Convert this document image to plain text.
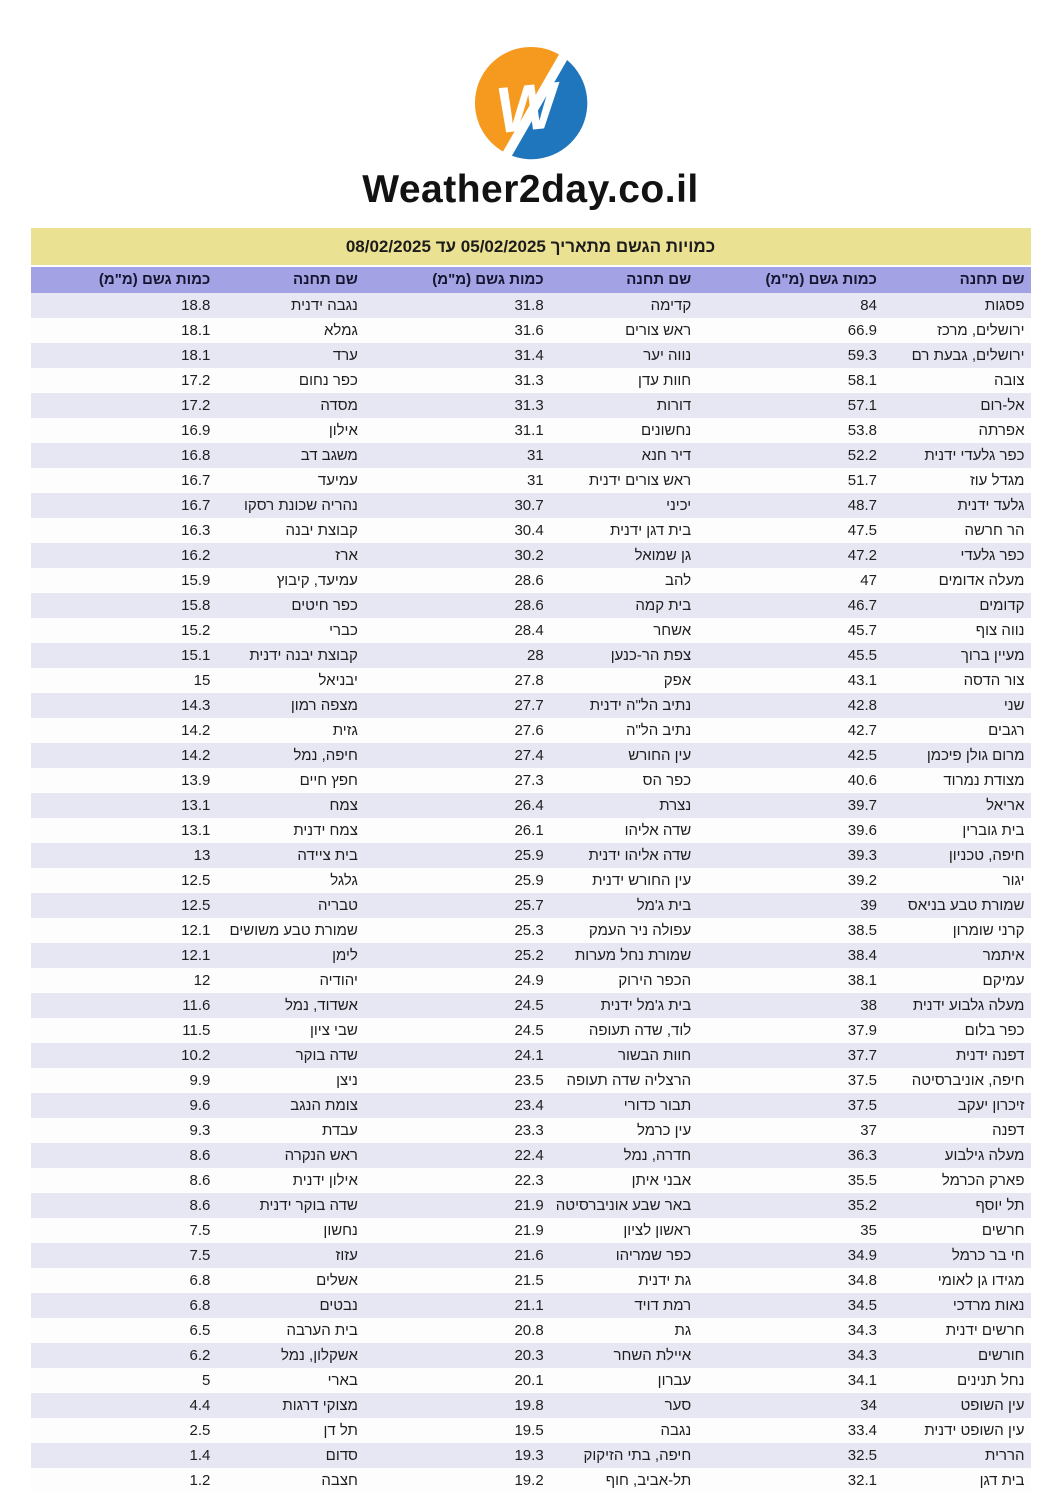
W
Weather2day.co.il
כמויות הגשם מתאריך 05/02/2025 עד 08/02/2025
שם תחנה	כמות גשם (מ"מ)	שם תחנה	כמות גשם (מ"מ)	שם תחנה	כמות גשם (מ"מ)
פסגות	84	קדימה	31.8	נגבה ידנית	18.8
ירושלים, מרכז	66.9	ראש צורים	31.6	גמלא	18.1
ירושלים, גבעת רם	59.3	נווה יער	31.4	ערד	18.1
צובה	58.1	חוות עדן	31.3	כפר נחום	17.2
אל-רום	57.1	דורות	31.3	מסדה	17.2
אפרתה	53.8	נחשונים	31.1	אילון	16.9
כפר גלעדי ידנית	52.2	דיר חנא	31	משגב דב	16.8
מגדל עוז	51.7	ראש צורים ידנית	31	עמיעד	16.7
גלעד ידנית	48.7	יכיני	30.7	נהריה שכונת רסקו	16.7
הר חרשה	47.5	בית דגן ידנית	30.4	קבוצת יבנה	16.3
כפר גלעדי	47.2	גן שמואל	30.2	ארז	16.2
מעלה אדומים	47	להב	28.6	עמיעד, קיבוץ	15.9
קדומים	46.7	בית קמה	28.6	כפר חיטים	15.8
נווה צוף	45.7	אשחר	28.4	כברי	15.2
מעיין ברוך	45.5	צפת הר-כנען	28	קבוצת יבנה ידנית	15.1
צור הדסה	43.1	אפק	27.8	יבניאל	15
שני	42.8	נתיב הל"ה ידנית	27.7	מצפה רמון	14.3
רגבים	42.7	נתיב הל"ה	27.6	גזית	14.2
מרום גולן פיכמן	42.5	עין החורש	27.4	חיפה, נמל	14.2
מצודת נמרוד	40.6	כפר הס	27.3	חפץ חיים	13.9
אריאל	39.7	נצרת	26.4	צמח	13.1
בית גוברין	39.6	שדה אליהו	26.1	צמח ידנית	13.1
חיפה, טכניון	39.3	שדה אליהו ידנית	25.9	בית ציידה	13
יגור	39.2	עין החורש ידנית	25.9	גלגל	12.5
שמורת טבע בניאס	39	בית ג'מל	25.7	טבריה	12.5
קרני שומרון	38.5	עפולה ניר העמק	25.3	שמורת טבע משושים	12.1
איתמר	38.4	שמורת נחל מערות	25.2	לימן	12.1
עמיקם	38.1	הכפר הירוק	24.9	יהודיה	12
מעלה גלבוע ידנית	38	בית ג'מל ידנית	24.5	אשדוד, נמל	11.6
כפר בלום	37.9	לוד, שדה תעופה	24.5	שבי ציון	11.5
דפנה ידנית	37.7	חוות הבשור	24.1	שדה בוקר	10.2
חיפה, אוניברסיטה	37.5	הרצליה שדה תעופה	23.5	ניצן	9.9
זיכרון יעקב	37.5	תבור כדורי	23.4	צומת הנגב	9.6
דפנה	37	עין כרמל	23.3	עבדת	9.3
מעלה גילבוע	36.3	חדרה, נמל	22.4	ראש הנקרה	8.6
פארק הכרמל	35.5	אבני איתן	22.3	אילון ידנית	8.6
תל יוסף	35.2	באר שבע אוניברסיטה	21.9	שדה בוקר ידנית	8.6
חרשים	35	ראשון לציון	21.9	נחשון	7.5
חי בר כרמל	34.9	כפר שמריהו	21.6	עזוז	7.5
מגידו גן לאומי	34.8	גת ידנית	21.5	אשלים	6.8
נאות מרדכי	34.5	רמת דויד	21.1	נבטים	6.8
חרשים ידנית	34.3	גת	20.8	בית הערבה	6.5
חורשים	34.3	איילת השחר	20.3	אשקלון, נמל	6.2
נחל תנינים	34.1	עברון	20.1	בארי	5
עין השופט	34	סער	19.8	מצוקי דרגות	4.4
עין השופט ידנית	33.4	נגבה	19.5	תל דן	2.5
הררית	32.5	חיפה, בתי הזיקוק	19.3	סדום	1.4
בית דגן	32.1	תל-אביב, חוף	19.2	חצבה	1.2
